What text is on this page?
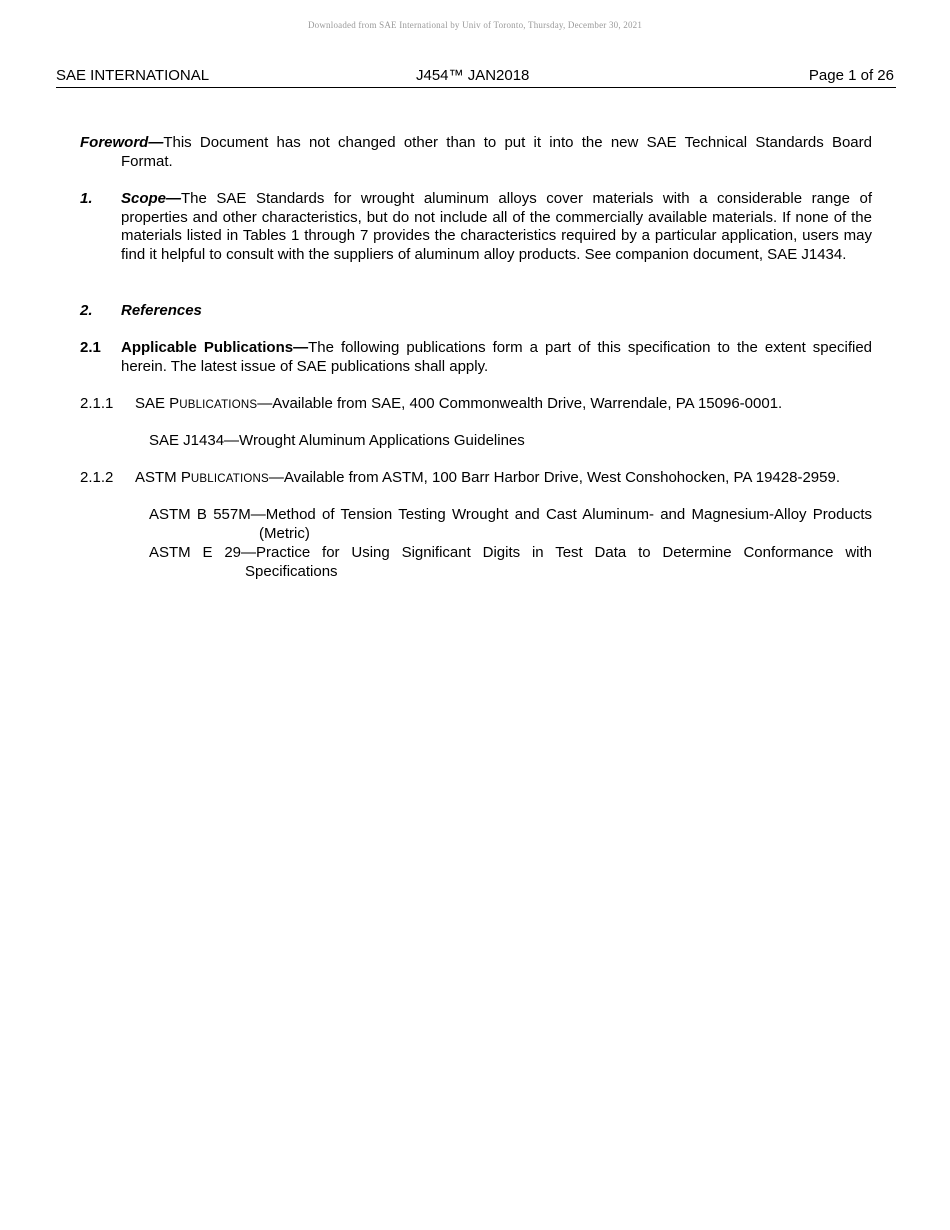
Downloaded from SAE International by Univ of Toronto, Thursday, December 30, 2021
SAE INTERNATIONAL	J454™ JAN2018	Page 1 of 26
Foreword—This Document has not changed other than to put it into the new SAE Technical Standards Board
Format.
1. Scope—The SAE Standards for wrought aluminum alloys cover materials with a considerable range of properties and other characteristics, but do not include all of the commercially available materials. If none of the materials listed in Tables 1 through 7 provides the characteristics required by a particular application, users may find it helpful to consult with the suppliers of aluminum alloy products. See companion document, SAE J1434.
2. References
2.1 Applicable Publications—The following publications form a part of this specification to the extent specified herein. The latest issue of SAE publications shall apply.
2.1.1 SAE PUBLICATIONS—Available from SAE, 400 Commonwealth Drive, Warrendale, PA 15096-0001.
SAE J1434—Wrought Aluminum Applications Guidelines
2.1.2 ASTM PUBLICATIONS—Available from ASTM, 100 Barr Harbor Drive, West Conshohocken, PA 19428-2959.
ASTM B 557M—Method of Tension Testing Wrought and Cast Aluminum- and Magnesium-Alloy Products
(Metric)
ASTM E 29—Practice for Using Significant Digits in Test Data to Determine Conformance with
Specifications
